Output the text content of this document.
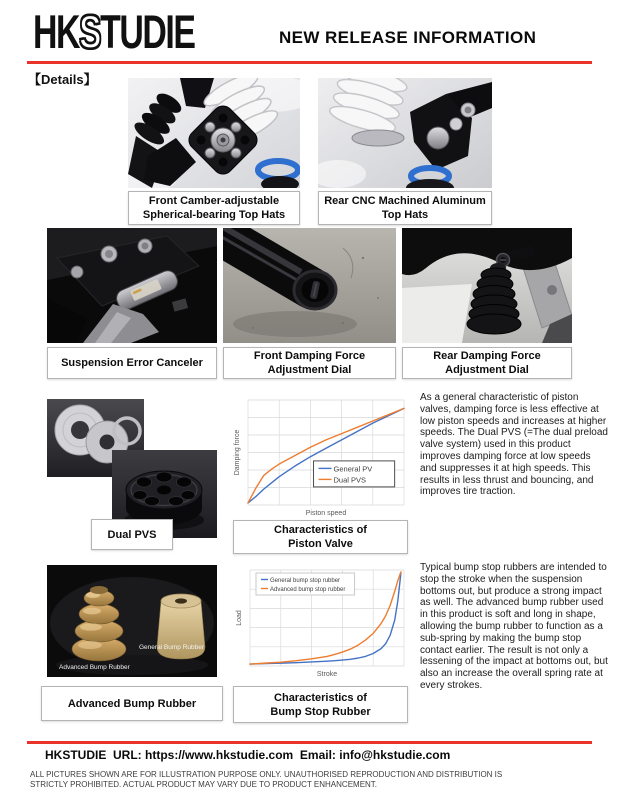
HKSTUDIE	NEW RELEASE INFORMATION
【Details】
Front Camber-adjustable
Spherical-bearing Top Hats
Rear CNC Machined Aluminum
Top Hats
Suspension Error Canceler
Front Damping Force
Adjustment Dial
Rear Damping Force
Adjustment Dial
Dual PVS
Piston speed
Damping force	General PV
Dual PVS
Characteristics of
Piston Valve
As a general characteristic of piston valves, damping force is less effective at low piston speeds and increases at higher speeds. The Dual PVS (=The dual preload valve system) used in this product improves damping force at low speeds and suppresses it at high speeds. This results in less thrust and bouncing, and improves tire traction.
General Bump Rubber
Advanced Bump Rubber
Advanced Bump Rubber
Stroke
Load
General bump stop rubber
Advanced bump stop rubber
Characteristics of
Bump Stop Rubber
Typical bump stop rubbers are intended to stop the stroke when the suspension bottoms out, but produce a strong impact as well. The advanced bump rubber used in this product is soft and long in shape, allowing the bump rubber to function as a sub-spring by making the bump stop contact earlier. The result is not only a lessening of the impact at bottoms out, but also an increase the overall spring rate at every strokes.
HKSTUDIE  URL: https://www.hkstudie.com  Email: info@hkstudie.com
ALL PICTURES SHOWN ARE FOR ILLUSTRATION PURPOSE ONLY. UNAUTHORISED REPRODUCTION AND DISTRIBUTION IS STRICTLY PROHIBITED. ACTUAL PRODUCT MAY VARY DUE TO PRODUCT ENHANCEMENT.
